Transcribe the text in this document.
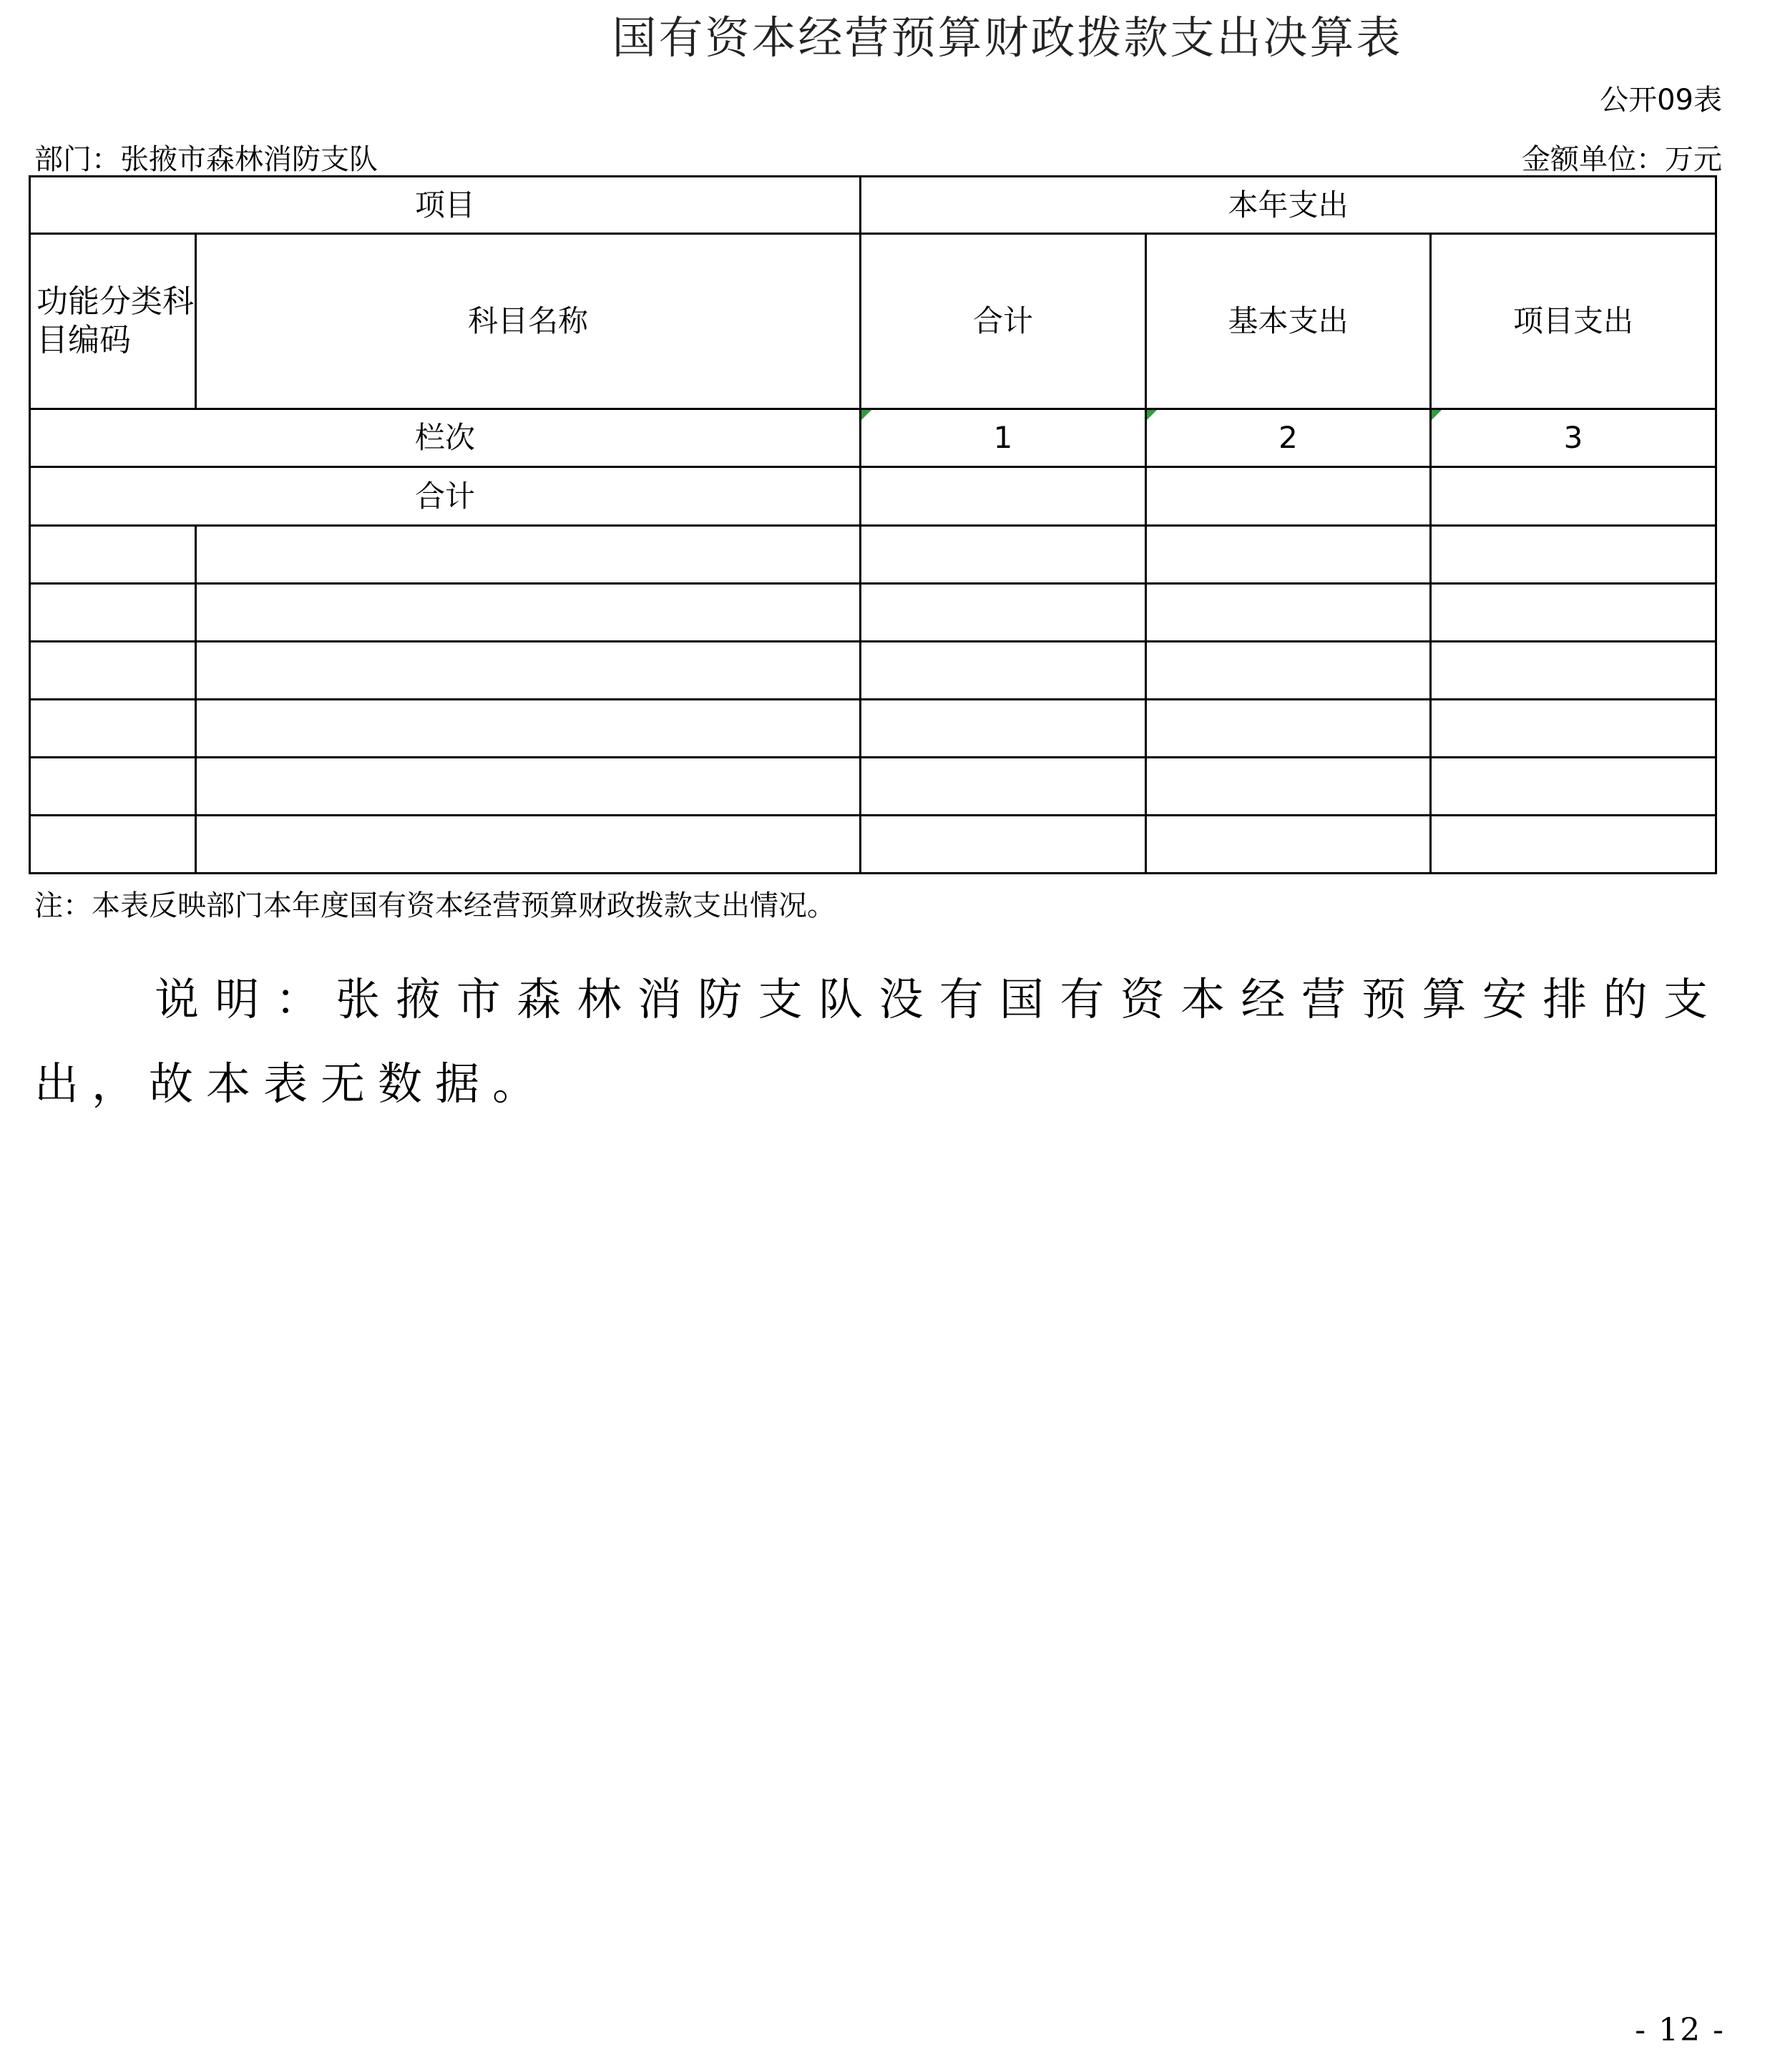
国有资本经营预算财政拨款支出决算表
公开09表
部门：张掖市森林消防支队	金额单位：万元
项目		本年支出		
功能分类科目编码	科目名称	合计	基本支出	项目支出
栏次		1	2	3
合计				

注：本表反映部门本年度国有资本经营预算财政拨款支出情况。
说明：张掖市森林消防支队没有国有资本经营预算安排的支出，故本表无数据。
- 12 -
